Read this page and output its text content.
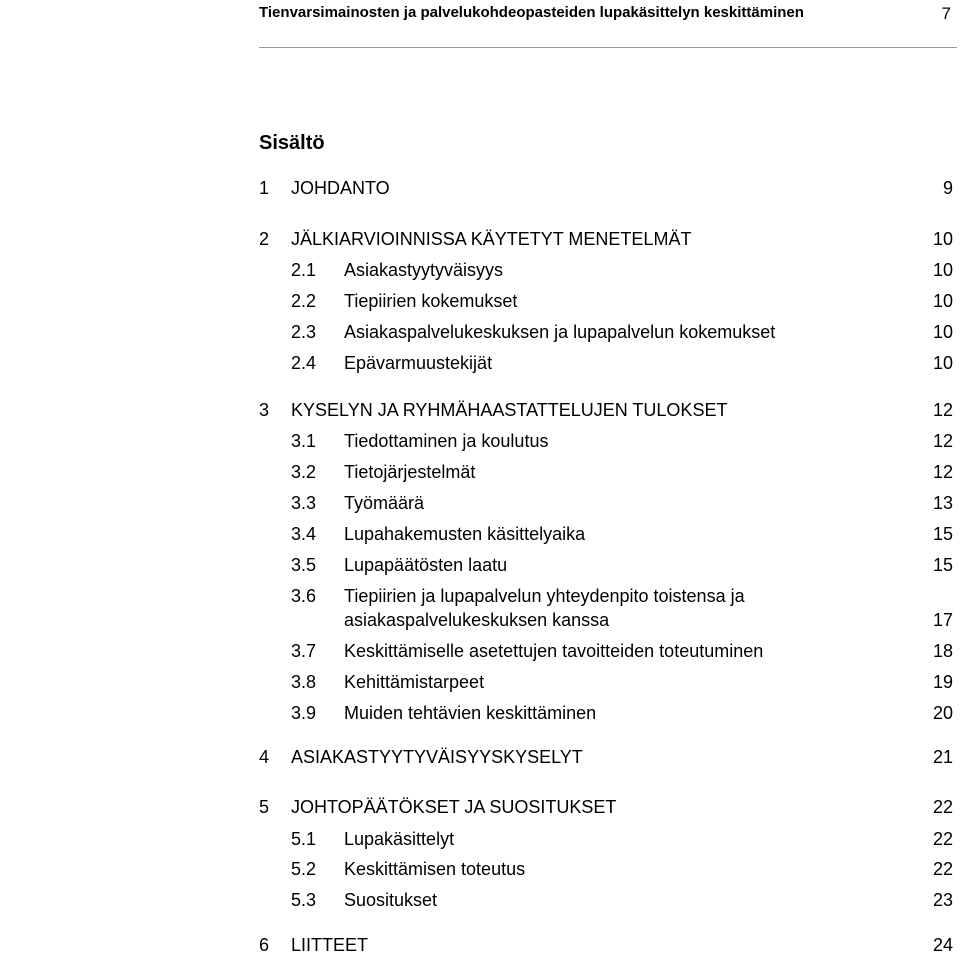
Tienvarsimainosten ja palvelukohdeopasteiden lupakäsittelyn keskittäminen	7
Sisältö
1 JOHDANTO	9
2 JÄLKIARVIOINNISSA KÄYTETYT MENETELMÄT	10
2.1 Asiakastyytyväisyys	10
2.2 Tiepiirien kokemukset	10
2.3 Asiakaspalvelukeskuksen ja lupapalvelun kokemukset	10
2.4 Epävarmuustekijät	10
3 KYSELYN JA RYHMÄHAASTATTELUJEN TULOKSET	12
3.1 Tiedottaminen ja koulutus	12
3.2 Tietojärjestelmät	12
3.3 Työmäärä	13
3.4 Lupahakemusten käsittelyaika	15
3.5 Lupapäätösten laatu	15
3.6 Tiepiirien ja lupapalvelun yhteydenpito toistensa ja asiakaspalvelukeskuksen kanssa	17
3.7 Keskittämiselle asetettujen tavoitteiden toteutuminen	18
3.8 Kehittämistarpeet	19
3.9 Muiden tehtävien keskittäminen	20
4 ASIAKASTYYTYVÄISYYSKYSELYT	21
5 JOHTOPÄÄTÖKSET JA SUOSITUKSET	22
5.1 Lupakäsittelyt	22
5.2 Keskittämisen toteutus	22
5.3 Suositukset	23
6 LIITTEET	24
